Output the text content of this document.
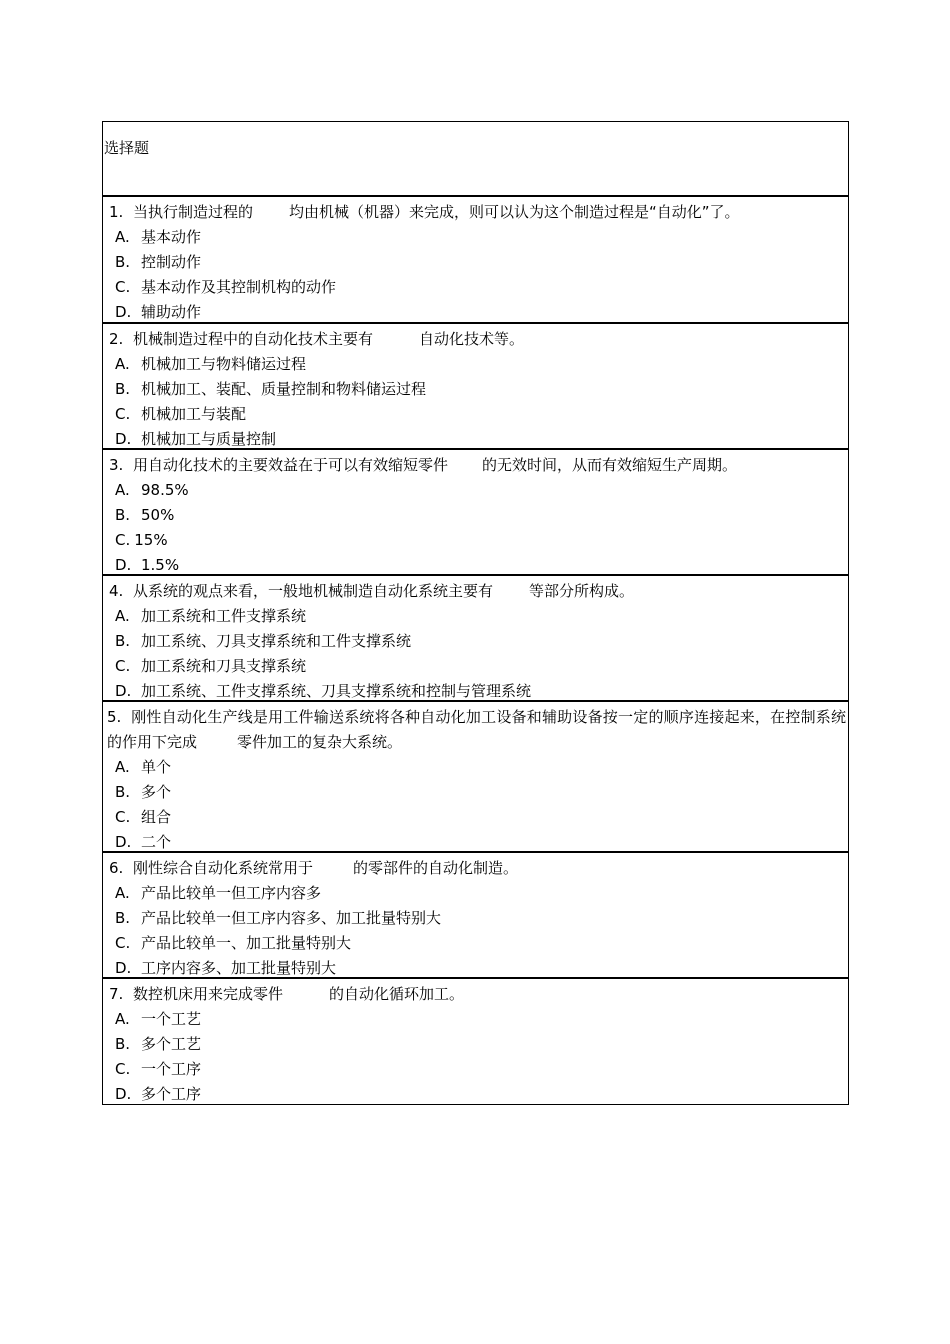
选择题
1. 当执行制造过程的 均由机械（机器）来完成，则可以认为这个制造过程是“自动化”了。
A. 基本动作
B. 控制动作
C. 基本动作及其控制机构的动作
D. 辅助动作
2. 机械制造过程中的自动化技术主要有	自动化技术等。
A. 机械加工与物料储运过程
B. 机械加工、装配、质量控制和物料储运过程
C. 机械加工与装配
D. 机械加工与质量控制
3. 用自动化技术的主要效益在于可以有效缩短零件 的无效时间，从而有效缩短生产周期。
A. 98.5%
B. 50%
C. 15%
D. 1.5%
4. 从系统的观点来看，一般地机械制造自动化系统主要有 等部分所构成。
A. 加工系统和工件支撑系统
B. 加工系统、刀具支撑系统和工件支撑系统
C. 加工系统和刀具支撑系统
D. 加工系统、工件支撑系统、刀具支撑系统和控制与管理系统
5. 刚性自动化生产线是用工件输送系统将各种自动化加工设备和辅助设备按一定的顺序连接起来，在控制系统的作用下完成	零件加工的复杂大系统。
A. 单个
B. 多个
C. 组合
D. 二个
6. 刚性综合自动化系统常用于	的零部件的自动化制造。
A. 产品比较单一但工序内容多
B. 产品比较单一但工序内容多、加工批量特别大
C. 产品比较单一、加工批量特别大
D. 工序内容多、加工批量特别大
7. 数控机床用来完成零件	的自动化循环加工。
A. 一个工艺
B. 多个工艺
C. 一个工序
D. 多个工序
